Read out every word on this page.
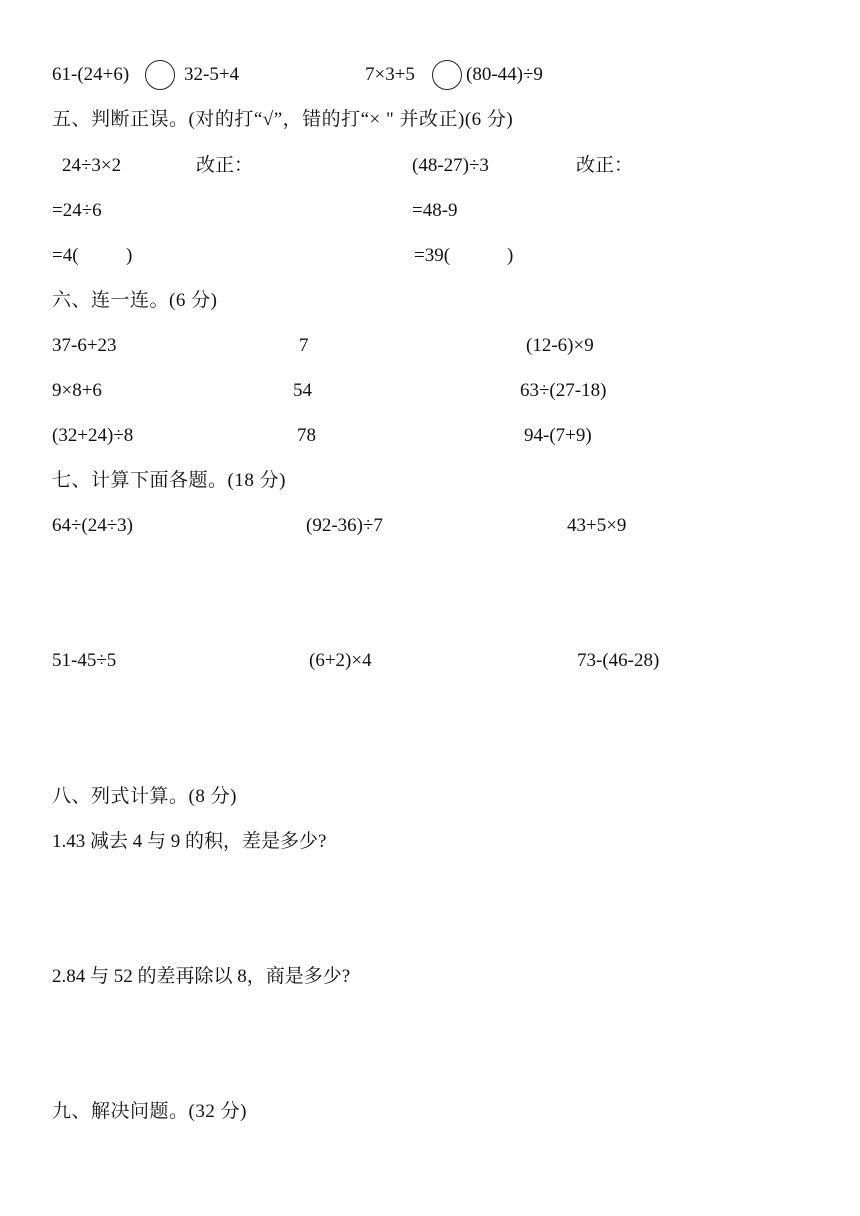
61-(24+6)	32-5+4	7×3+5	(80-44)÷9
五、判断正误。(对的打“√”，错的打“× " 并改正)(6 分)
24÷3×2	改正：
=24÷6
=4(          )
(48-27)÷3	改正：
=48-9
=39(            )
六、连一连。(6 分)
37-6+23	7	(12-6)×9
9×8+6	54	63÷(27-18)
(32+24)÷8	78	94-(7+9)
七、计算下面各题。(18 分)
64÷(24÷3)	(92-36)÷7	43+5×9
51-45÷5	(6+2)×4	73-(46-28)
八、列式计算。(8 分)
1.43 减去 4 与 9 的积，差是多少?
2.84 与 52 的差再除以 8，商是多少?
九、解决问题。(32 分)
